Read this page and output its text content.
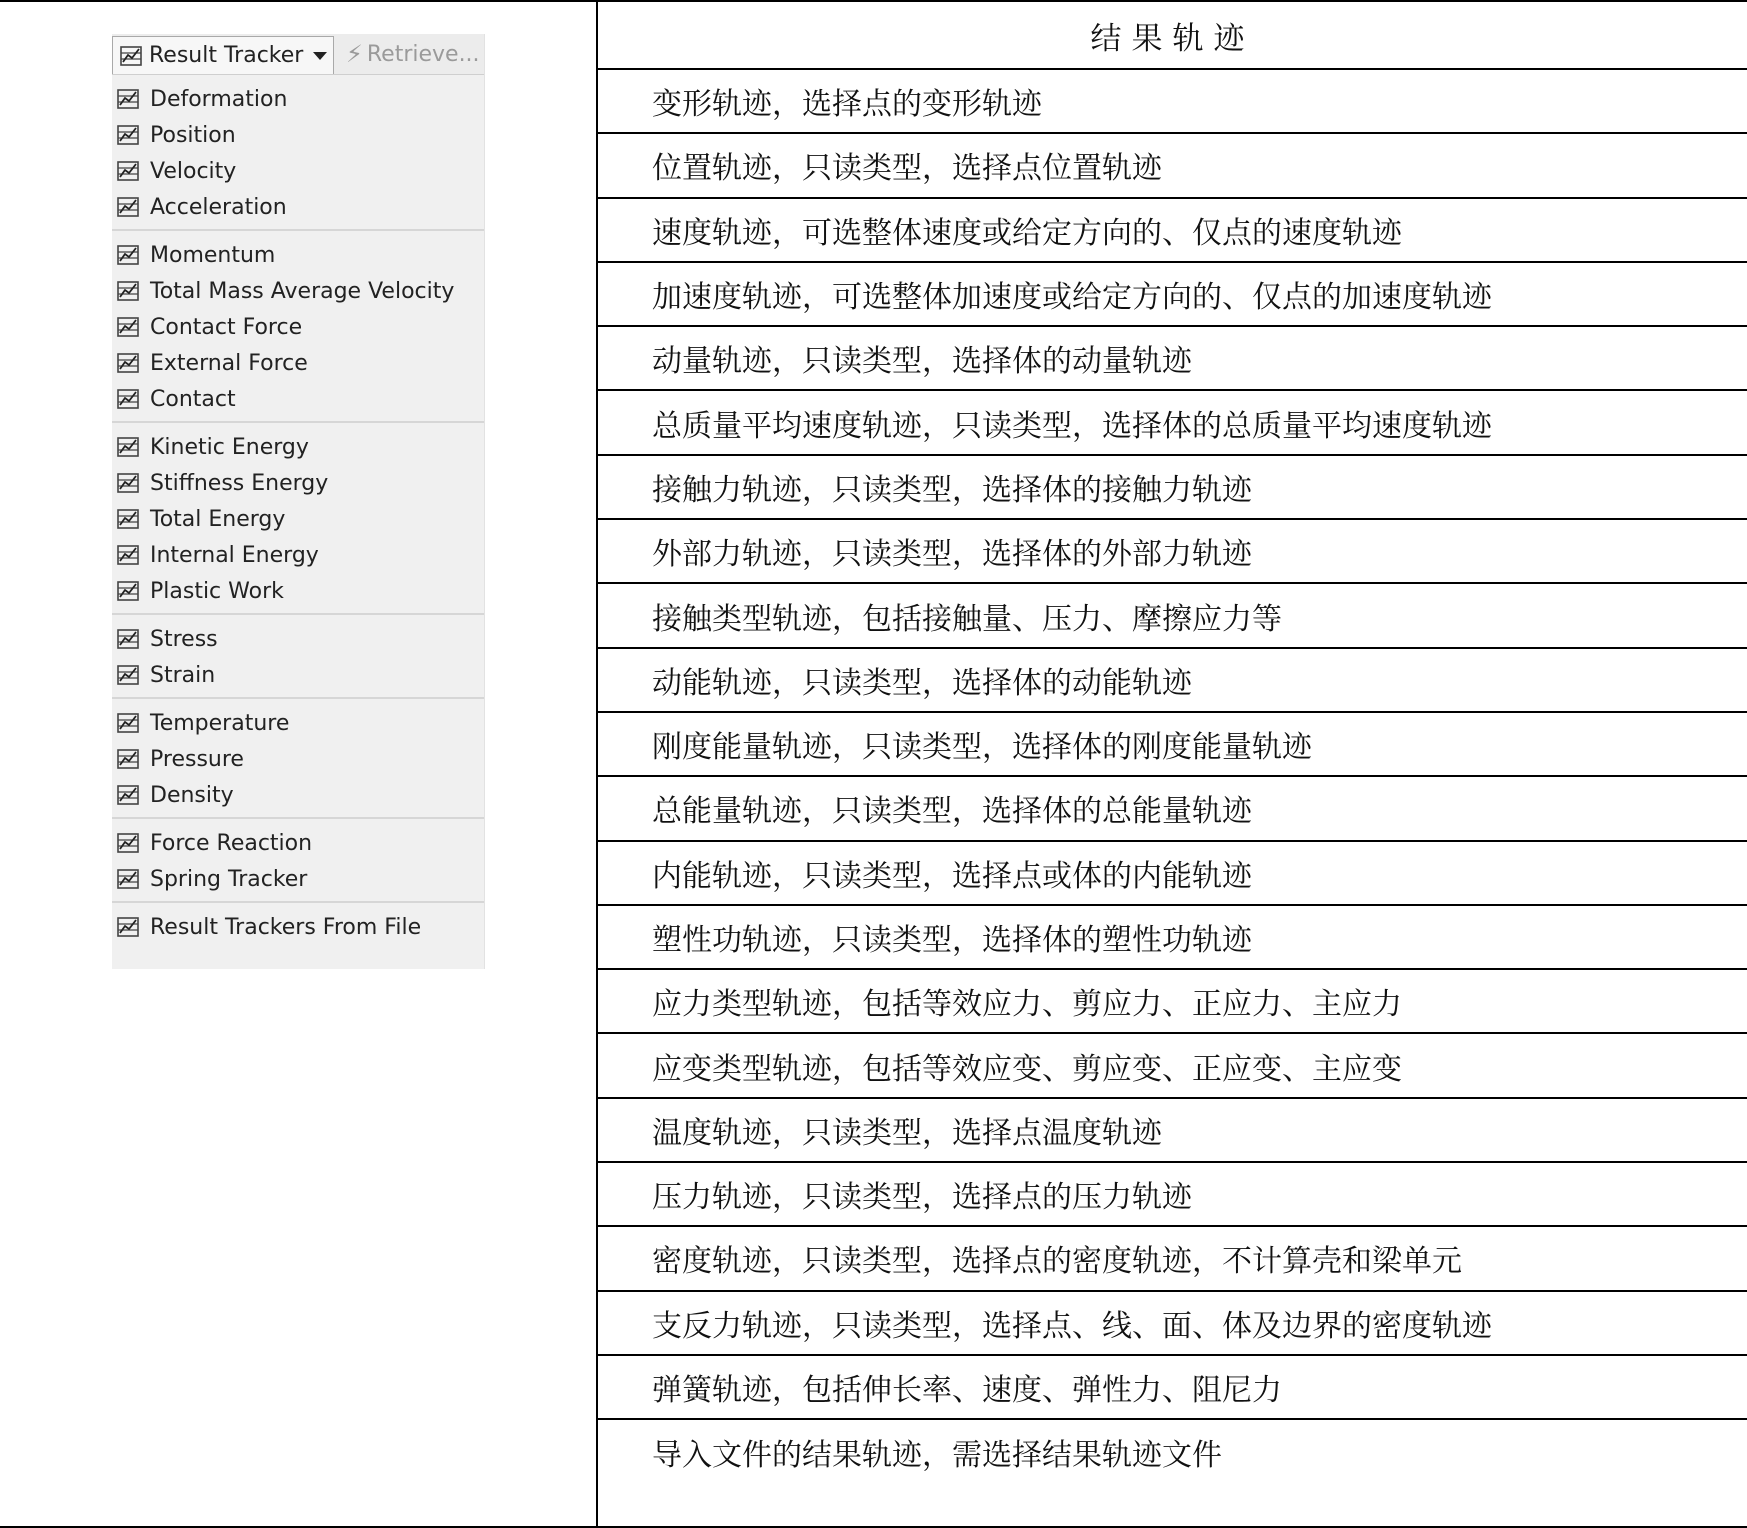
Result Tracker ⚡ Retrieve...
Deformation
Position
Velocity
Acceleration
Momentum
Total Mass Average Velocity
Contact Force
External Force
Contact
Kinetic Energy
Stiffness Energy
Total Energy
Internal Energy
Plastic Work
Stress
Strain
Temperature
Pressure
Density
Force Reaction
Spring Tracker
Result Trackers From File
结果轨迹
变形轨迹，选择点的变形轨迹
位置轨迹，只读类型，选择点位置轨迹
速度轨迹，可选整体速度或给定方向的、仅点的速度轨迹
加速度轨迹，可选整体加速度或给定方向的、仅点的加速度轨迹
动量轨迹，只读类型，选择体的动量轨迹
总质量平均速度轨迹，只读类型，选择体的总质量平均速度轨迹
接触力轨迹，只读类型，选择体的接触力轨迹
外部力轨迹，只读类型，选择体的外部力轨迹
接触类型轨迹，包括接触量、压力、摩擦应力等
动能轨迹，只读类型，选择体的动能轨迹
刚度能量轨迹，只读类型，选择体的刚度能量轨迹
总能量轨迹，只读类型，选择体的总能量轨迹
内能轨迹，只读类型，选择点或体的内能轨迹
塑性功轨迹，只读类型，选择体的塑性功轨迹
应力类型轨迹，包括等效应力、剪应力、正应力、主应力
应变类型轨迹，包括等效应变、剪应变、正应变、主应变
温度轨迹，只读类型，选择点温度轨迹
压力轨迹，只读类型，选择点的压力轨迹
密度轨迹，只读类型，选择点的密度轨迹，不计算壳和梁单元
支反力轨迹，只读类型，选择点、线、面、体及边界的密度轨迹
弹簧轨迹，包括伸长率、速度、弹性力、阻尼力
导入文件的结果轨迹，需选择结果轨迹文件
